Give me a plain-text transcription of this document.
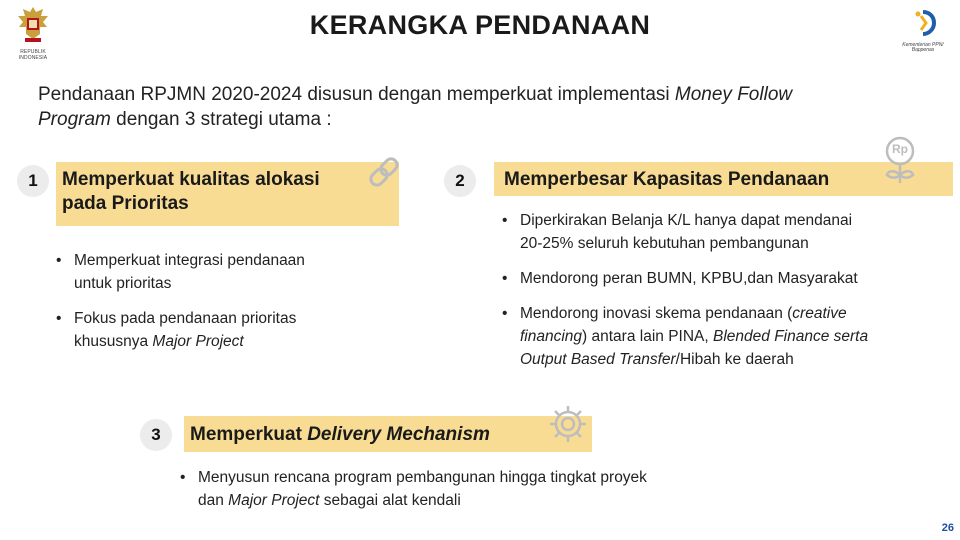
REPUBLIK
INDONESIA
KERANGKA PENDANAAN
Kementerian PPN/
Bappenas
Pendanaan RPJMN 2020-2024 disusun dengan memperkuat implementasi Money Follow
Program dengan 3 strategi utama :
1	Memperkuat kualitas alokasi
pada Prioritas
• Memperkuat integrasi pendanaan
untuk prioritas
• Fokus pada pendanaan prioritas
khususnya Major Project
2	Memperbesar Kapasitas Pendanaan
Rp
• Diperkirakan Belanja K/L hanya dapat mendanai
20-25% seluruh kebutuhan pembangunan
• Mendorong peran BUMN, KPBU,dan Masyarakat
• Mendorong inovasi skema pendanaan (creative
financing) antara lain PINA, Blended Finance serta
Output Based Transfer/Hibah ke daerah
3	Memperkuat Delivery Mechanism
• Menyusun rencana program pembangunan hingga tingkat proyek
dan Major Project sebagai alat kendali
26
